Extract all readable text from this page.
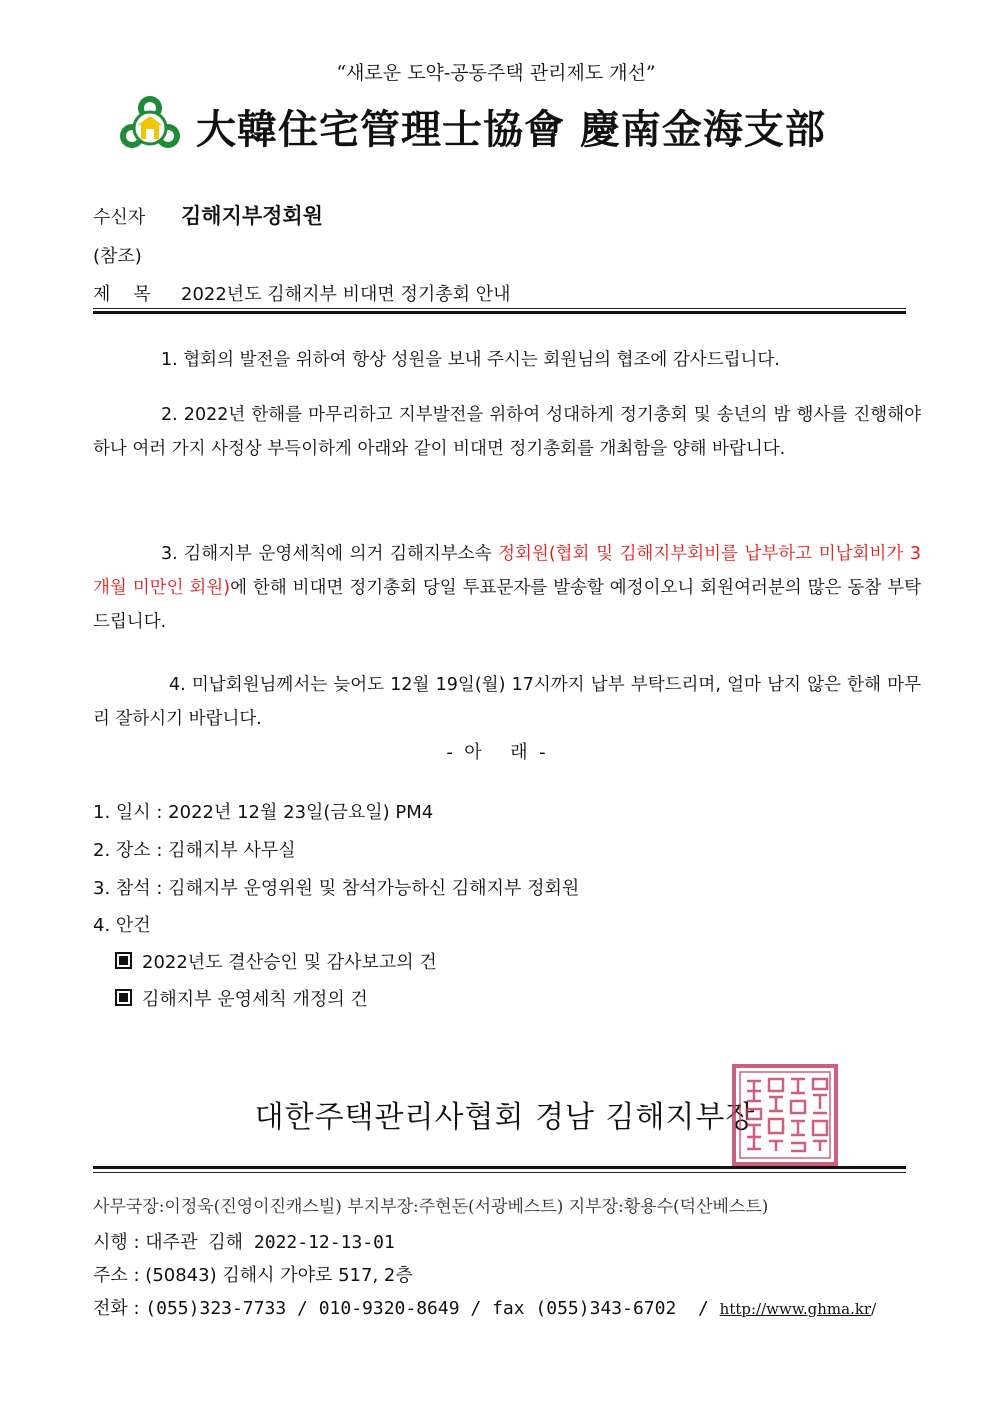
“새로운 도약-공동주택 관리제도 개선”
大韓住宅管理士協會 慶南金海支部
수신자 김해지부정회원
(참조)
제    목 2022년도 김해지부 비대면 정기총회 안내
1. 협회의 발전을 위하여 항상 성원을 보내 주시는 회원님의 협조에 감사드립니다.
2. 2022년 한해를 마무리하고 지부발전을 위하여 성대하게 정기총회 및 송년의 밤 행사를 진행해야 하나 여러 가지 사정상 부득이하게 아래와 같이 비대면 정기총회를 개최함을 양해 바랍니다.
3. 김해지부 운영세칙에 의거 김해지부소속 정회원(협회 및 김해지부회비를 납부하고 미납회비가 3개월 미만인 회원)에 한해 비대면 정기총회 당일 투표문자를 발송할 예정이오니 회원여러분의 많은 동참 부탁드립니다.
4. 미납회원님께서는 늦어도 12월 19일(월) 17시까지 납부 부탁드리며, 얼마 남지 않은 한해 마무리 잘하시기 바랍니다.
-  아     래  -
1. 일시 : 2022년 12월 23일(금요일) PM4
2. 장소 : 김해지부 사무실
3. 참석 : 김해지부 운영위원 및 참석가능하신 김해지부 정회원
4. 안건
2022년도 결산승인 및 감사보고의 건
김해지부 운영세칙 개정의 건
대한주택관리사협회 경남 김해지부장
사무국장:이정욱(진영이진캐스빌) 부지부장:주현돈(서광베스트) 지부장:황용수(덕산베스트)
시행 : 대주관 김해 2022-12-13-01
주소 : (50843) 김해시 가야로 517, 2층
전화 : (055)323-7733 / 010-9320-8649 / fax (055)343-6702  / http://www.ghma.kr/
